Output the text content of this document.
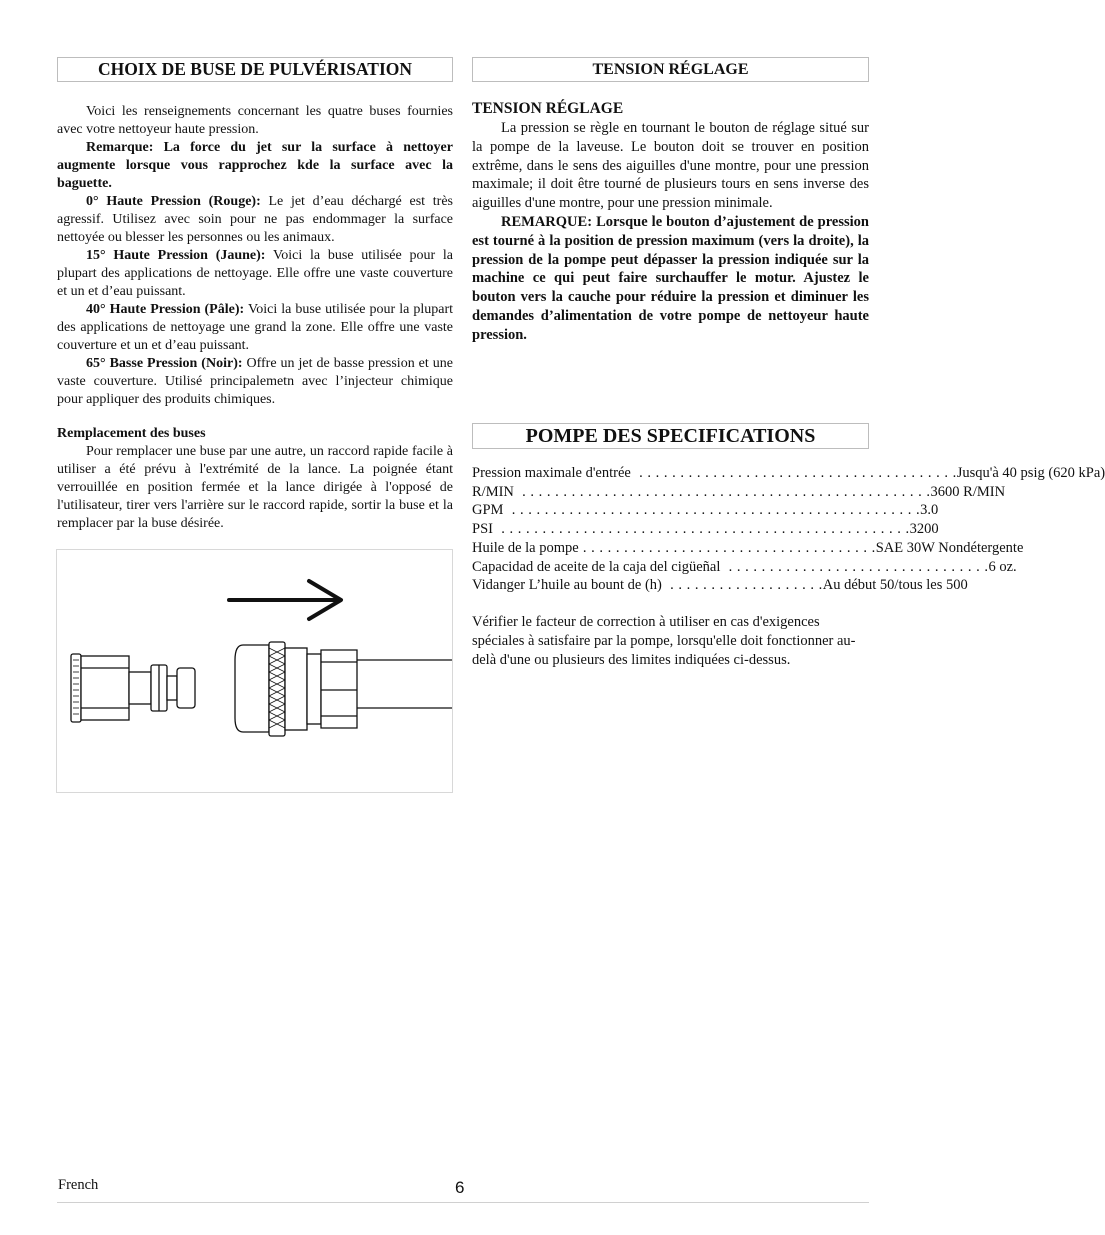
CHOIX DE BUSE DE PULVÉRISATION

Voici les renseignements concernant les quatre buses fournies avec votre nettoyeur haute pression.

Remarque: La force du jet sur la surface à nettoyer augmente lorsque vous rapprochez kde la surface avec la baguette.

0° Haute Pression (Rouge): Le jet d’eau déchargé est très agressif. Utilisez avec soin pour ne pas endommager la surface nettoyée ou blesser les personnes ou les animaux.

15° Haute Pression (Jaune): Voici la buse utilisée pour la plupart des applications de nettoyage. Elle offre une vaste couverture et un et d’eau puissant.

40° Haute Pression (Pâle): Voici la buse utilisée pour la plupart des applications de nettoyage une grand la zone. Elle offre une vaste couverture et un et d’eau puissant.

65° Basse Pression (Noir): Offre un jet de basse pression et une vaste couverture. Utilisé principalemetn avec l’injecteur chimique pour appliquer des produits chimiques.

Remplacement des buses

Pour remplacer une buse par une autre, un raccord rapide facile à utiliser a été prévu à l'extrémité de la lance. La poignée étant verrouillée en position fermée et la lance dirigée à l'opposé de l'utilisateur, tirer vers l'arrière sur le raccord rapide, sortir la buse et la remplacer par la buse désirée.

TENSION RÉGLAGE

TENSION RÉGLAGE

La pression se règle en tournant le bouton de réglage situé sur la pompe de la laveuse. Le bouton doit se trouver en position extrême, dans le sens des aiguilles d'une montre, pour une pression maximale; il doit être tourné de plusieurs tours en sens inverse des aiguilles d'une montre, pour une pression minimale.

REMARQUE: Lorsque le bouton d’ajustement de pression est tourné à la position de pression maximum (vers la droite), la pression de la pompe peut dépasser la pression indiquée sur la machine ce qui peut faire surchauffer le motur. Ajustez le bouton vers la cauche pour réduire la pression et diminuer les demandes d’alimentation de votre pompe de nettoyeur haute pression.

POMPE DES SPECIFICATIONS
Pression maximale d'entrée . . . . . . . . . . . . . . . . . . . . . . . . . . . . . . . . . . . . . . . Jusqu'à 40 psig (620 kPa)
R/MIN . . . . . . . . . . . . . . . . . . . . . . . . . . . . . . . . . . . . . . . . . . . . . . . . . . 3600 R/MIN
GPM . . . . . . . . . . . . . . . . . . . . . . . . . . . . . . . . . . . . . . . . . . . . . . . . . . 3.0
PSI . . . . . . . . . . . . . . . . . . . . . . . . . . . . . . . . . . . . . . . . . . . . . . . . . . 3200
Huile de la pompe . . . . . . . . . . . . . . . . . . . . . . . . . . . . . . . . . . . . SAE 30W Nondétergente
Capacidad de aceite de la caja del cigüeñal . . . . . . . . . . . . . . . . . . . . . . . . . . . . . . . . 6 oz.
Vidanger L’huile au bount de (h) . . . . . . . . . . . . . . . . . . . Au début 50/tous les 500

Vérifier le facteur de correction à utiliser en cas d'exigences spéciales à satisfaire par la pompe, lorsqu'elle doit fonctionner au-delà d'une ou plusieurs des limites indiquées ci-dessus.

French	6
